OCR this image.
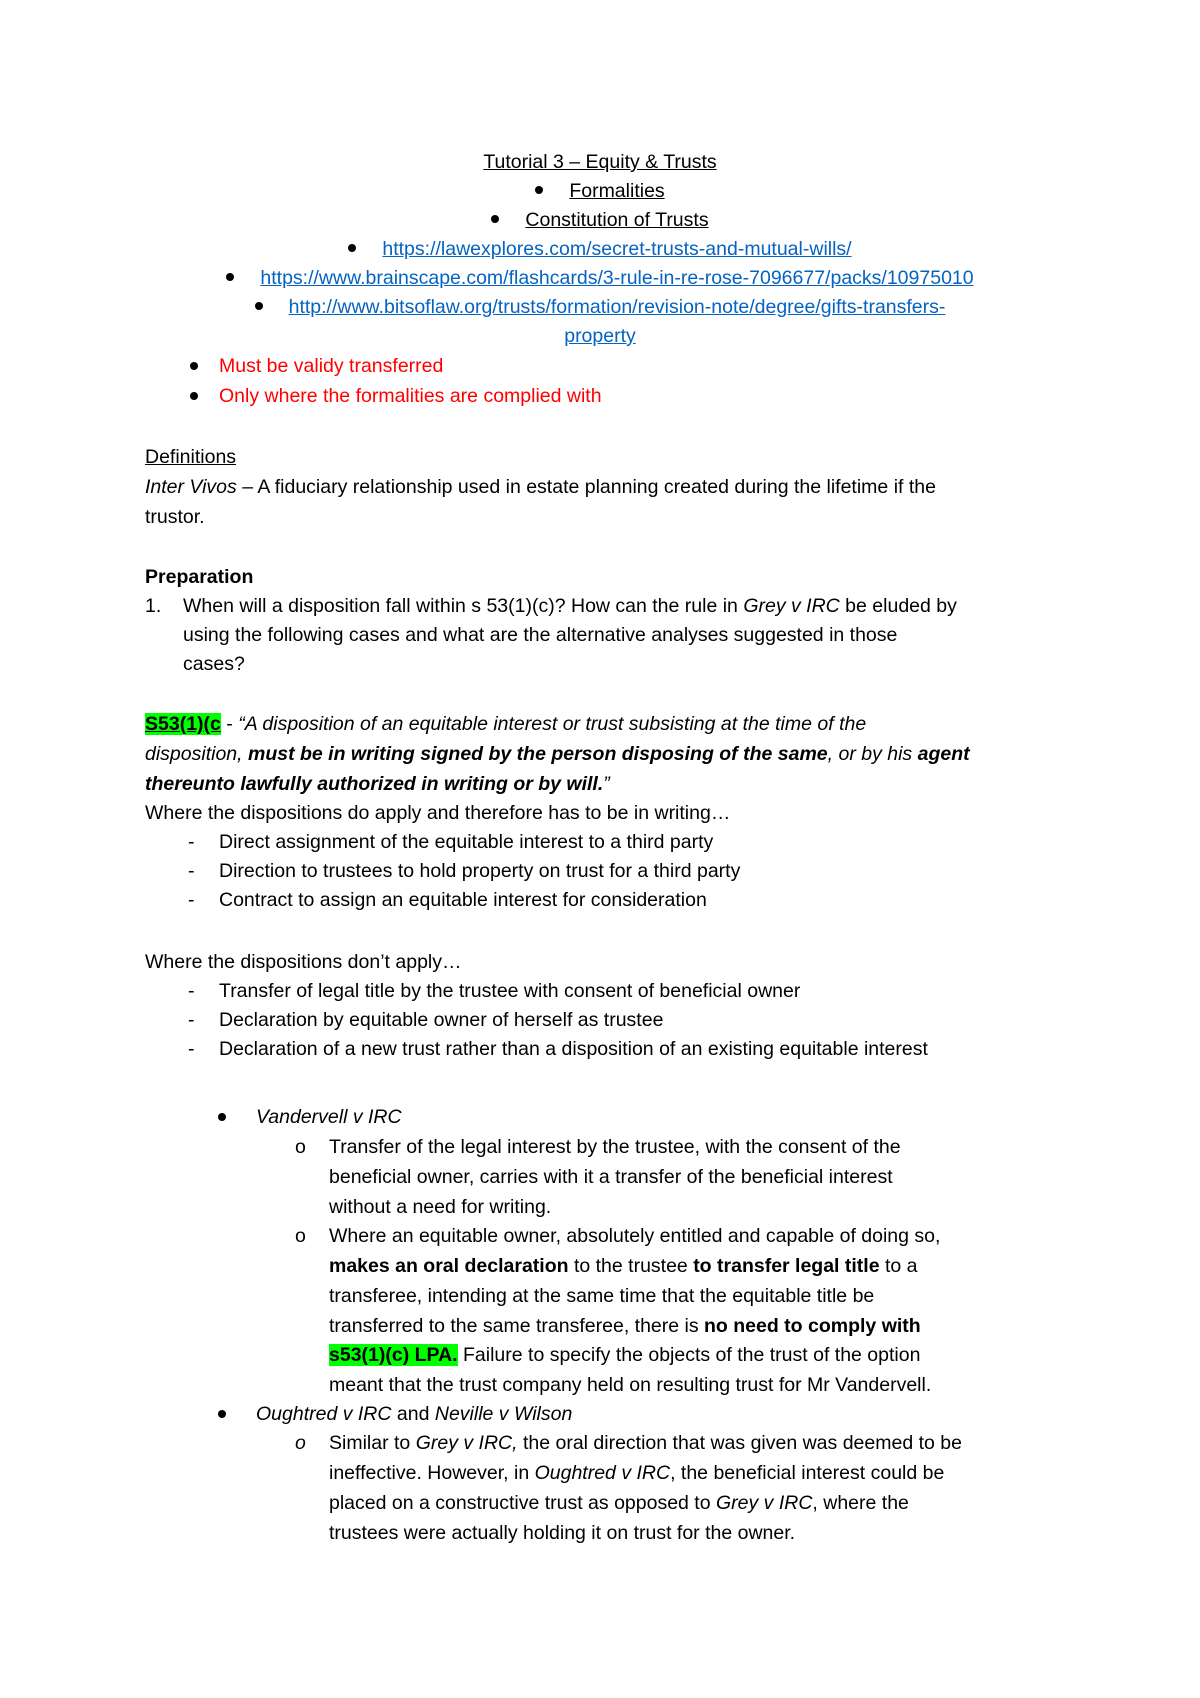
Tutorial 3 – Equity & Trusts
Formalities
Constitution of Trusts
https://lawexplores.com/secret-trusts-and-mutual-wills/
https://www.brainscape.com/flashcards/3-rule-in-re-rose-7096677/packs/10975010
http://www.bitsoflaw.org/trusts/formation/revision-note/degree/gifts-transfers-
property
Must be validy transferred
Only where the formalities are complied with
Definitions
Inter Vivos – A fiduciary relationship used in estate planning created during the lifetime if the
trustor.
Preparation
1. When will a disposition fall within s 53(1)(c)? How can the rule in Grey v IRC be eluded by
using the following cases and what are the alternative analyses suggested in those
cases?
S53(1)(c - “A disposition of an equitable interest or trust subsisting at the time of the
disposition, must be in writing signed by the person disposing of the same, or by his agent
thereunto lawfully authorized in writing or by will.”
Where the dispositions do apply and therefore has to be in writing…
- Direct assignment of the equitable interest to a third party
- Direction to trustees to hold property on trust for a third party
- Contract to assign an equitable interest for consideration
Where the dispositions don’t apply…
- Transfer of legal title by the trustee with consent of beneficial owner
- Declaration by equitable owner of herself as trustee
- Declaration of a new trust rather than a disposition of an existing equitable interest
Vandervell v IRC
o Transfer of the legal interest by the trustee, with the consent of the
beneficial owner, carries with it a transfer of the beneficial interest
without a need for writing.
o Where an equitable owner, absolutely entitled and capable of doing so,
makes an oral declaration to the trustee to transfer legal title to a
transferee, intending at the same time that the equitable title be
transferred to the same transferee, there is no need to comply with
s53(1)(c) LPA. Failure to specify the objects of the trust of the option
meant that the trust company held on resulting trust for Mr Vandervell.
Oughtred v IRC and Neville v Wilson
o Similar to Grey v IRC, the oral direction that was given was deemed to be
ineffective. However, in Oughtred v IRC, the beneficial interest could be
placed on a constructive trust as opposed to Grey v IRC, where the
trustees were actually holding it on trust for the owner.
